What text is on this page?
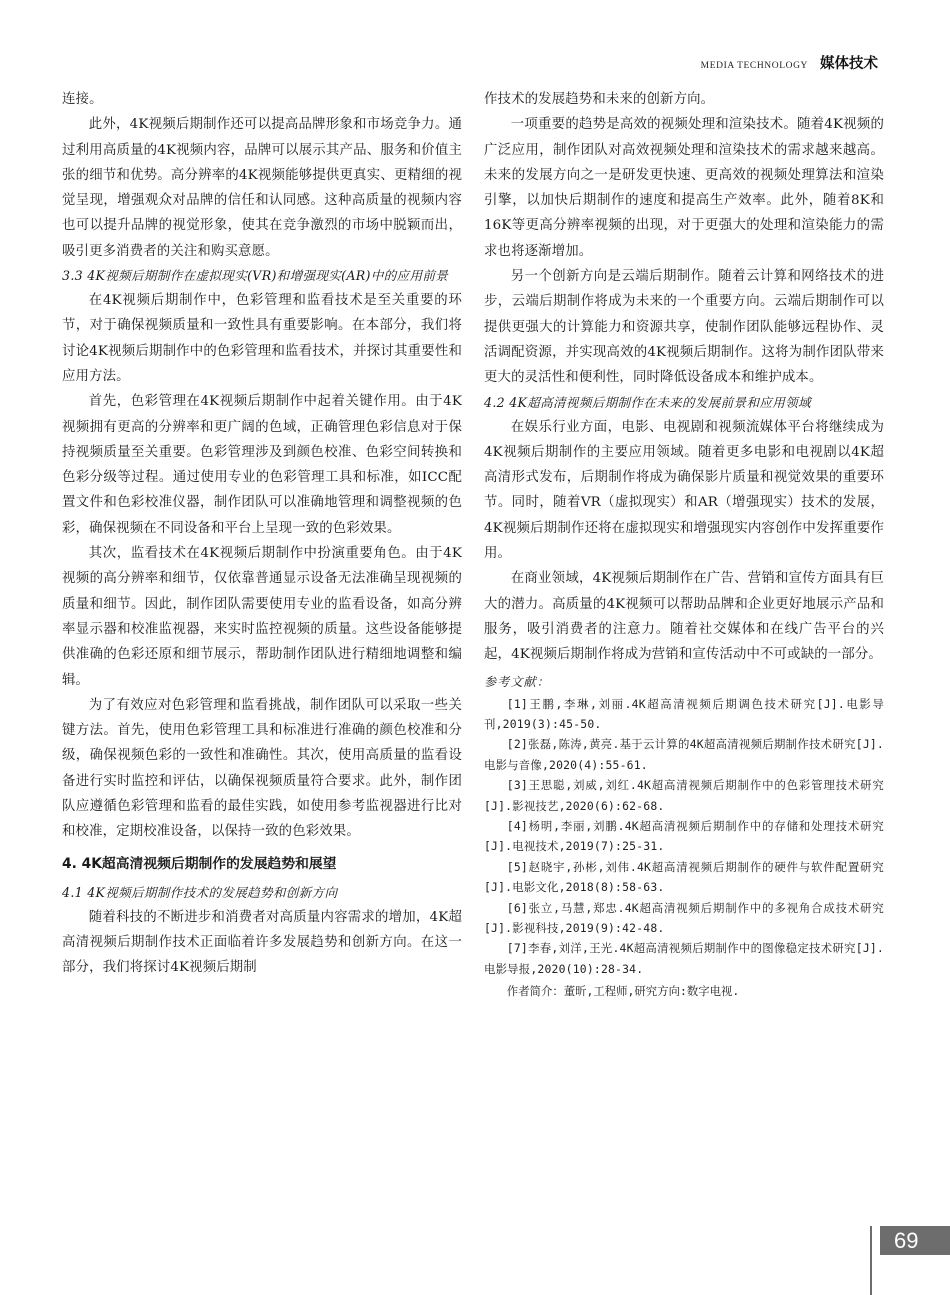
MEDIA TECHNOLOGY 媒体技术

连接。

此外，4K视频后期制作还可以提高品牌形象和市场竞争力。通过利用高质量的4K视频内容，品牌可以展示其产品、服务和价值主张的细节和优势。高分辨率的4K视频能够提供更真实、更精细的视觉呈现，增强观众对品牌的信任和认同感。这种高质量的视频内容也可以提升品牌的视觉形象，使其在竞争激烈的市场中脱颖而出，吸引更多消费者的关注和购买意愿。

3.3 4K视频后期制作在虚拟现实(VR)和增强现实(AR)中的应用前景

在4K视频后期制作中，色彩管理和监看技术是至关重要的环节，对于确保视频质量和一致性具有重要影响。在本部分，我们将讨论4K视频后期制作中的色彩管理和监看技术，并探讨其重要性和应用方法。

首先，色彩管理在4K视频后期制作中起着关键作用。由于4K视频拥有更高的分辨率和更广阔的色域，正确管理色彩信息对于保持视频质量至关重要。色彩管理涉及到颜色校准、色彩空间转换和色彩分级等过程。通过使用专业的色彩管理工具和标准，如ICC配置文件和色彩校准仪器，制作团队可以准确地管理和调整视频的色彩，确保视频在不同设备和平台上呈现一致的色彩效果。

其次，监看技术在4K视频后期制作中扮演重要角色。由于4K视频的高分辨率和细节，仅依靠普通显示设备无法准确呈现视频的质量和细节。因此，制作团队需要使用专业的监看设备，如高分辨率显示器和校准监视器，来实时监控视频的质量。这些设备能够提供准确的色彩还原和细节展示，帮助制作团队进行精细地调整和编辑。

为了有效应对色彩管理和监看挑战，制作团队可以采取一些关键方法。首先，使用色彩管理工具和标准进行准确的颜色校准和分级，确保视频色彩的一致性和准确性。其次，使用高质量的监看设备进行实时监控和评估，以确保视频质量符合要求。此外，制作团队应遵循色彩管理和监看的最佳实践，如使用参考监视器进行比对和校准，定期校准设备，以保持一致的色彩效果。

4. 4K超高清视频后期制作的发展趋势和展望

4.1 4K视频后期制作技术的发展趋势和创新方向

随着科技的不断进步和消费者对高质量内容需求的增加，4K超高清视频后期制作技术正面临着许多发展趋势和创新方向。在这一部分，我们将探讨4K视频后期制

作技术的发展趋势和未来的创新方向。

一项重要的趋势是高效的视频处理和渲染技术。随着4K视频的广泛应用，制作团队对高效视频处理和渲染技术的需求越来越高。未来的发展方向之一是研发更快速、更高效的视频处理算法和渲染引擎，以加快后期制作的速度和提高生产效率。此外，随着8K和16K等更高分辨率视频的出现，对于更强大的处理和渲染能力的需求也将逐渐增加。

另一个创新方向是云端后期制作。随着云计算和网络技术的进步，云端后期制作将成为未来的一个重要方向。云端后期制作可以提供更强大的计算能力和资源共享，使制作团队能够远程协作、灵活调配资源，并实现高效的4K视频后期制作。这将为制作团队带来更大的灵活性和便利性，同时降低设备成本和维护成本。

4.2 4K超高清视频后期制作在未来的发展前景和应用领域

在娱乐行业方面，电影、电视剧和视频流媒体平台将继续成为4K视频后期制作的主要应用领域。随着更多电影和电视剧以4K超高清形式发布，后期制作将成为确保影片质量和视觉效果的重要环节。同时，随着VR（虚拟现实）和AR（增强现实）技术的发展，4K视频后期制作还将在虚拟现实和增强现实内容创作中发挥重要作用。

在商业领域，4K视频后期制作在广告、营销和宣传方面具有巨大的潜力。高质量的4K视频可以帮助品牌和企业更好地展示产品和服务，吸引消费者的注意力。随着社交媒体和在线广告平台的兴起，4K视频后期制作将成为营销和宣传活动中不可或缺的一部分。

参考文献：

[1]王鹏,李琳,刘丽.4K超高清视频后期调色技术研究[J].电影导刊,2019(3):45-50.

[2]张磊,陈涛,黄亮.基于云计算的4K超高清视频后期制作技术研究[J].电影与音像,2020(4):55-61.

[3]王思聪,刘威,刘红.4K超高清视频后期制作中的色彩管理技术研究[J].影视技艺,2020(6):62-68.

[4]杨明,李丽,刘鹏.4K超高清视频后期制作中的存储和处理技术研究[J].电视技术,2019(7):25-31.

[5]赵晓宇,孙彬,刘伟.4K超高清视频后期制作的硬件与软件配置研究[J].电影文化,2018(8):58-63.

[6]张立,马慧,郑忠.4K超高清视频后期制作中的多视角合成技术研究[J].影视科技,2019(9):42-48.

[7]李春,刘洋,王光.4K超高清视频后期制作中的图像稳定技术研究[J].电影导报,2020(10):28-34.

作者简介：董昕,工程师,研究方向:数字电视.

69
